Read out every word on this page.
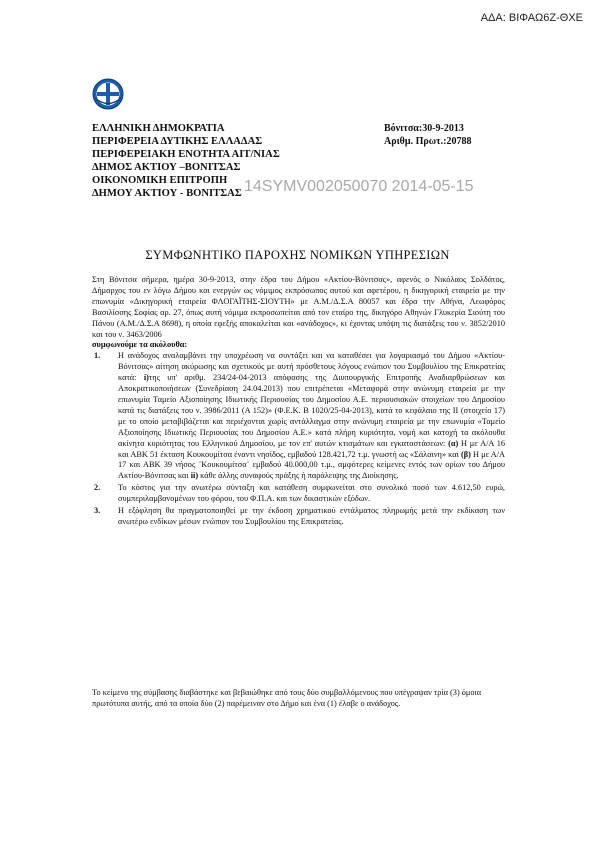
ΑΔΑ: ΒΙΦΑΩ6Ζ-ΘΧΕ
ΕΛΛΗΝΙΚΗ ΔΗΜΟΚΡΑΤΙΑ
ΠΕΡΙΦΕΡΕΙΑ ΔΥΤΙΚΗΣ ΕΛΛΑΔΑΣ
ΠΕΡΙΦΕΡΕΙΑΚΗ ΕΝΟΤΗΤΑ ΑΙΤ/ΝΙΑΣ
ΔΗΜΟΣ ΑΚΤΙΟΥ –ΒΟΝΙΤΣΑΣ
ΟΙΚΟΝΟΜΙΚΗ ΕΠΙΤΡΟΠΗ
ΔΗΜΟΥ ΑΚΤΙΟΥ - ΒΟΝΙΤΣΑΣ
Βόνιτσα:30-9-2013
Αριθμ. Πρωτ.:20788
14SYMV002050070 2014-05-15
ΣΥΜΦΩΝΗΤΙΚΟ ΠΑΡΟΧΗΣ ΝΟΜΙΚΩΝ ΥΠΗΡΕΣΙΩΝ

Στη Βόνιτσα σήμερα, ημέρα 30-9-2013, στην έδρα του Δήμου «Ακτίου-Βόνιτσας», αφενός ο Νικόλαος Σολδάτος, Δήμαρχος του εν λόγω Δήμου και ενεργών ως νόμιμος εκπρόσωπος αυτού και αφετέρου, η δικηγορική εταιρεία με την επωνυμία «Δικηγορική εταιρεία ΦΛΟΓΑΪΤΗΣ-ΣΙΟΥΤΗ» με Α.Μ./Δ.Σ.Α 80057 και έδρα την Αθήνα, Λεωφόρος Βασιλίσσης Σοφίας αρ. 27, όπως αυτή νόμιμα εκπροσωπείται από τον εταίρο της, δικηγόρο Αθηνών Γλυκερία Σιούτη του Πάνου (Α.Μ./Δ.Σ.Α 8698), η οποία εφεξής αποκαλείται και «ανάδοχος», κι έχοντας υπόψη τις διατάξεις του ν. 3852/2010 και του ν. 3463/2006

συμφωνούμε τα ακόλουθα:

1. Η ανάδοχος αναλαμβάνει την υποχρέωση να συντάξει και να καταθέσει για λογαριασμό του Δήμου «Ακτίου-Βόνιτσας» αίτηση ακύρωσης και σχετικούς με αυτή πρόσθετους λόγους ενώπιον του Συμβουλίου της Επικρατείας κατά: i)της υπ' αριθμ. 234/24-04-2013 απόφασης της Διυπουργικής Επιτροπής Αναδιαρθρώσεων και Αποκρατικοποιήσεων (Συνεδρίαση 24.04.2013) που επιτρέπεται «Μεταφορά στην ανώνυμη εταιρεία με την επωνυμία Ταμείο Αξιοποίησης Ιδιωτικής Περιουσίας του Δημοσίου Α.Ε. περιουσιακών στοιχείων του Δημοσίου κατά τις διατάξεις του ν. 3986/2011 (Α 152)» (Φ.Ε.Κ. Β 1020/25-04-2013), κατά το κεφάλαιο της ΙΙ (στοιχείο 17) με το οποίο μεταβιβάζεται και περιέχονται χωρίς αντάλλαγμα στην ανώνυμη εταιρεία με την επωνυμία «Ταμείο Αξιοποίησης Ιδιωτικής Περιουσίας του Δημοσίου Α.Ε.» κατά πλήρη κυριότητα, νομή και κατοχή τα ακόλουθα ακίνητα κυριότητας του Ελληνικού Δημοσίου, με τον επ' αυτών κτισμάτων και εγκαταστάσεων: (α) Η με Α/Α 16 και ΑΒΚ 51 έκταση Κουκουμίτσα έναντι νησίδος, εμβαδού 128.421,72 τ.μ. γνωστή ως «Σάλαινη» και (β) Η με Α/Α 17 και ΑΒΚ 39 νήσος ¨Κουκουμίτσα¨ εμβαδού 40.000,00 τ.μ., αμφότερες κείμενες εντός των ορίων του Δήμου Ακτίου-Βόνιτσας και ii) κάθε άλλης συναφούς πράξης ή παράλειψης της Διοίκησης.
2. Το κόστος για την ανωτέρω σύνταξη και κατάθεση συμφωνείται στο συνολικό ποσό των 4.612,50 ευρώ, συμπεριλαμβανομένων του φόρου, του Φ.Π.Α. και των δικαστικών εξόδων.
3. Η εξόφληση θα πραγματοποιηθεί με την έκδοση χρηματικού εντάλματος πληρωμής μετά την εκδίκαση των ανωτέρω ενδίκων μέσων ενώπιον του Συμβουλίου της Επικρατείας.
Το κείμενο της σύμβασης διαβάστηκε και βεβαιώθηκε από τους δύο συμβαλλόμενους που υπέγραψαν τρία (3) όμοια πρωτότυπα αυτής, από τα οποία δύο (2) παρέμειναν στο Δήμο και ένα (1) έλαβε ο ανάδοχος.
